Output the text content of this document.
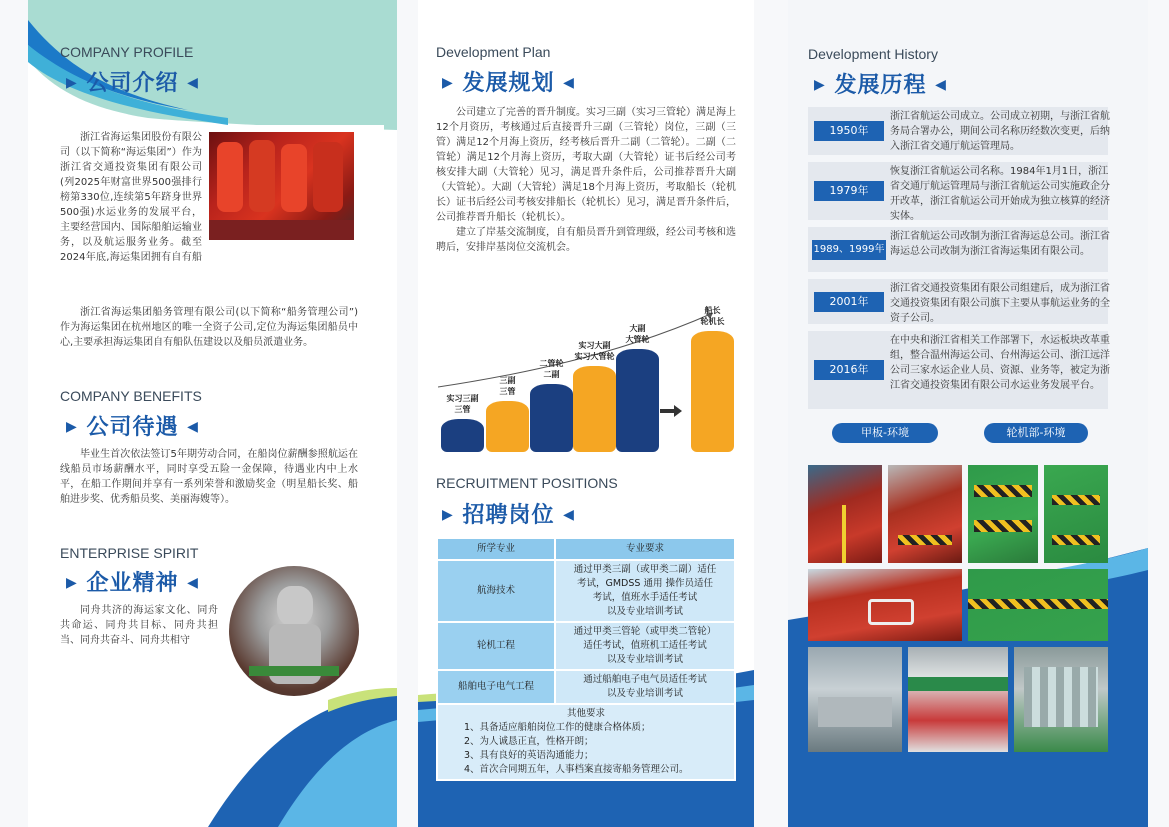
COMPANY PROFILE
▶ 公司介绍 ◀

浙江省海运集团股份有限公司（以下简称“海运集团”）作为浙江省交通投资集团有限公司(列2025年财富世界500强排行榜第330位,连续第5年跻身世界500强)水运业务的发展平台，主要经营国内、国际船舶运输业务，以及航运服务业务。截至2024年底,海运集团拥有自有船

浙江省海运集团船务管理有限公司(以下简称“船务管理公司”)作为海运集团在杭州地区的唯一全资子公司,定位为海运集团船员中心,主要承担海运集团自有船队伍建设以及船员派遣业务。

COMPANY BENEFITS
▶ 公司待遇 ◀

毕业生首次依法签订5年期劳动合同，在船岗位薪酬参照航运在线船员市场薪酬水平，同时享受五险一金保障，待遇业内中上水平，在船工作期间并享有一系列荣誉和激励奖金（明星船长奖、船舶进步奖、优秀船员奖、美丽海嫂等）。

ENTERPRISE SPIRIT
▶ 企业精神 ◀

同舟共济的海运家文化、同舟共命运、同舟共目标、同舟共担当、同舟共奋斗、同舟共相守

Development Plan
▶ 发展规划 ◀

公司建立了完善的晋升制度。实习三副（实习三管轮）满足海上12个月资历，考核通过后直接晋升三副（三管轮）岗位，三副（三管）满足12个月海上资历，经考核后晋升二副（二管轮）。二副（二管轮）满足12个月海上资历，考取大副（大管轮）证书后经公司考核安排大副（大管轮）见习，满足晋升条件后，公司推荐晋升大副（大管轮）。大副（大管轮）满足18个月海上资历，考取船长（轮机长）证书后经公司考核安排船长（轮机长）见习，满足晋升条件后，公司推荐晋升船长（轮机长）。

建立了岸基交流制度，自有船员晋升到管理级，经公司考核和选聘后，安排岸基岗位交流机会。

实习三副
三管
三副
三管
二管轮
二副
实习大副
实习大管轮
大副
大管轮
船长
轮机长
RECRUITMENT POSITIONS
▶ 招聘岗位 ◀
所学专业	专业要求
航海技术	通过甲类三副（或甲类二副）适任
考试，GMDSS 通用 操作员适任
考试，值班水手适任考试
以及专业培训考试

轮机工程	通过甲类三管轮（或甲类二管轮）
适任考试，值班机工适任考试
以及专业培训考试

船舶电子电气工程	通过船舶电子电气员适任考试
以及专业培训考试

其他要求
1、具备适应船舶岗位工作的健康合格体质；
2、为人诚恳正直，性格开朗；
3、具有良好的英语沟通能力；
4、首次合同期五年，人事档案直接寄船务管理公司。	
Development History
▶ 发展历程 ◀
1950年
浙江省航运公司成立。公司成立初期，与浙江省航务局合署办公，期间公司名称历经数次变更，后纳入浙江省交通厅航运管理局。
1979年
恢复浙江省航运公司名称。1984年1月1日，浙江省交通厅航运管理局与浙江省航运公司实施政企分开改革，浙江省航运公司开始成为独立核算的经济实体。
1989、1999年
浙江省航运公司改制为浙江省海运总公司。浙江省海运总公司改制为浙江省海运集团有限公司。
2001年
浙江省交通投资集团有限公司组建后，成为浙江省交通投资集团有限公司旗下主要从事航运业务的全资子公司。
2016年
在中央和浙江省相关工作部署下，水运板块改革重组，整合温州海运公司、台州海运公司、浙江远洋公司三家水运企业人员、资源、业务等，被定为浙江省交通投资集团有限公司水运业务发展平台。
甲板-环境	轮机部-环境
